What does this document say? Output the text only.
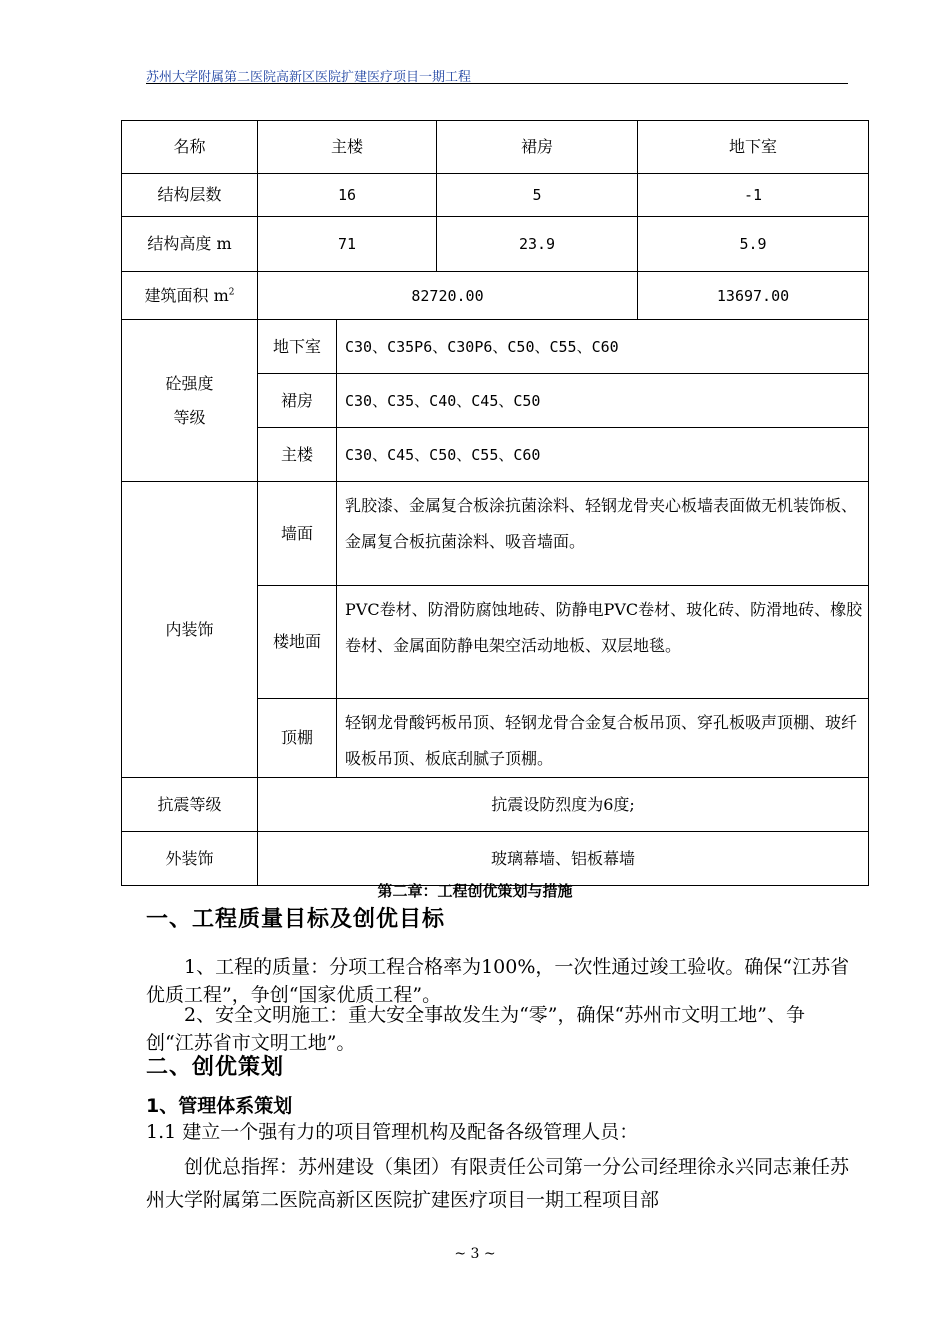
苏州大学附属第二医院高新区医院扩建医疗项目一期工程
名称	主楼		裙房	地下室
结构层数	16		5	-1
结构高度 m	71		23.9	5.9
建筑面积 $m^2$	82720.00			13697.00

砼强度
等级	地下室	C30、C35P6、C30P6、C50、C55、C60		
	裙房	C30、C35、C40、C45、C50		
	主楼	C30、C45、C50、C55、C60		
内装饰	墙面	乳胶漆、金属复合板涂抗菌涂料、轻钢龙骨夹心板墙表面做无机装饰板、金属复合板抗菌涂料、吸音墙面。		
	楼地面	PVC卷材、防滑防腐蚀地砖、防静电PVC卷材、玻化砖、防滑地砖、橡胶卷材、金属面防静电架空活动地板、双层地毯。		
	顶棚	轻钢龙骨酸钙板吊顶、轻钢龙骨合金复合板吊顶、穿孔板吸声顶棚、玻纤吸板吊顶、板底刮腻子顶棚。		
抗震等级	抗震设防烈度为6度;			
外装饰	玻璃幕墙、铝板幕墙			
第二章：工程创优策划与措施
一、工程质量目标及创优目标
1、工程的质量：分项工程合格率为100%，一次性通过竣工验收。确保“江苏省优质工程”，争创“国家优质工程”。
2、安全文明施工：重大安全事故发生为“零”，确保“苏州市文明工地”、争创“江苏省市文明工地”。
二、创优策划
1、管理体系策划
1.1 建立一个强有力的项目管理机构及配备各级管理人员：
创优总指挥：苏州建设（集团）有限责任公司第一分公司经理徐永兴同志兼任苏州大学附属第二医院高新区医院扩建医疗项目一期工程项目部
~ 3 ~
